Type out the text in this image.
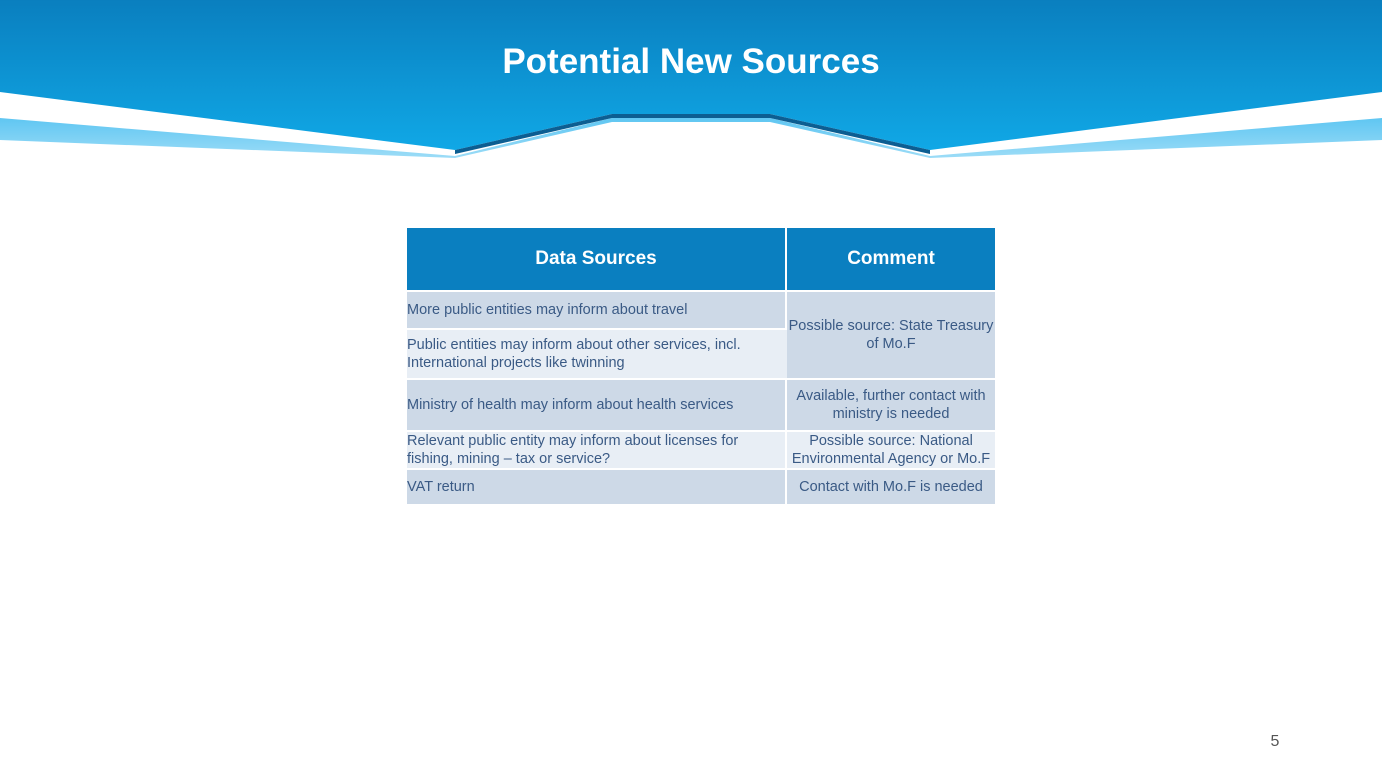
Potential New Sources
Data Sources	Comment
More public entities may inform about travel	Possible source: State Treasury of Mo.F
Public entities may inform about other services, incl. International projects like twinning	
Ministry of health may inform about health services	Available, further contact with ministry is needed
Relevant public entity may inform about licenses for fishing, mining – tax or service?	Possible source: National Environmental Agency or Mo.F
VAT return	Contact with Mo.F is needed
5
